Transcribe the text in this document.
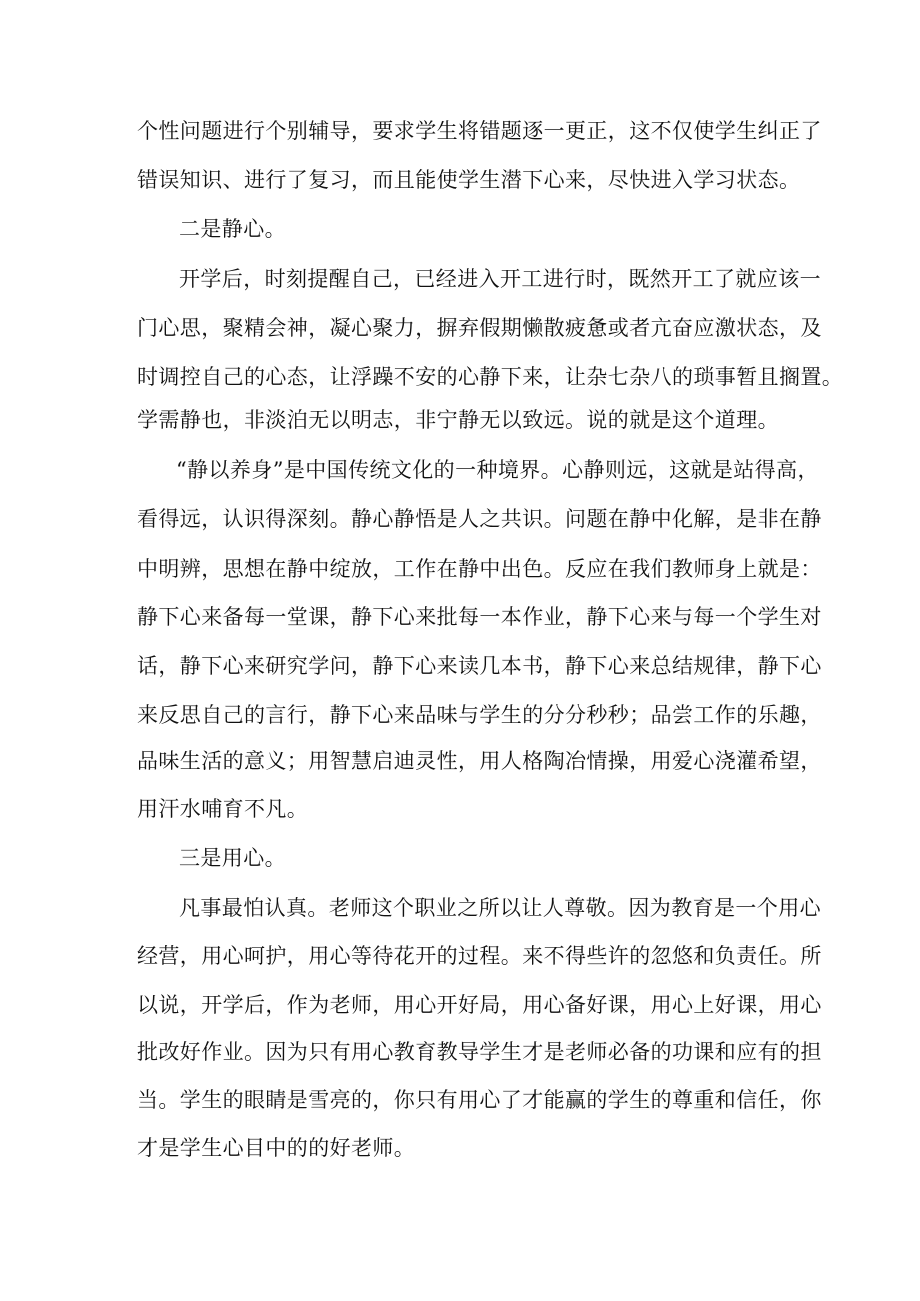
个性问题进行个别辅导，要求学生将错题逐一更正，这不仅使学生纠正了
错误知识、进行了复习，而且能使学生潜下心来，尽快进入学习状态。
二是静心。
开学后，时刻提醒自己，已经进入开工进行时，既然开工了就应该一
门心思，聚精会神，凝心聚力，摒弃假期懒散疲惫或者亢奋应激状态，及
时调控自己的心态，让浮躁不安的心静下来，让杂七杂八的琐事暂且搁置。
学需静也，非淡泊无以明志，非宁静无以致远。说的就是这个道理。
“静以养身”是中国传统文化的一种境界。心静则远，这就是站得高，
看得远，认识得深刻。静心静悟是人之共识。问题在静中化解，是非在静
中明辨，思想在静中绽放，工作在静中出色。反应在我们教师身上就是：
静下心来备每一堂课，静下心来批每一本作业，静下心来与每一个学生对
话，静下心来研究学问，静下心来读几本书，静下心来总结规律，静下心
来反思自己的言行，静下心来品味与学生的分分秒秒；品尝工作的乐趣，
品味生活的意义；用智慧启迪灵性，用人格陶冶情操，用爱心浇灌希望，
用汗水哺育不凡。
三是用心。
凡事最怕认真。老师这个职业之所以让人尊敬。因为教育是一个用心
经营，用心呵护，用心等待花开的过程。来不得些许的忽悠和负责任。所
以说，开学后，作为老师，用心开好局，用心备好课，用心上好课，用心
批改好作业。因为只有用心教育教导学生才是老师必备的功课和应有的担
当。学生的眼睛是雪亮的，你只有用心了才能赢的学生的尊重和信任，你
才是学生心目中的的好老师。
